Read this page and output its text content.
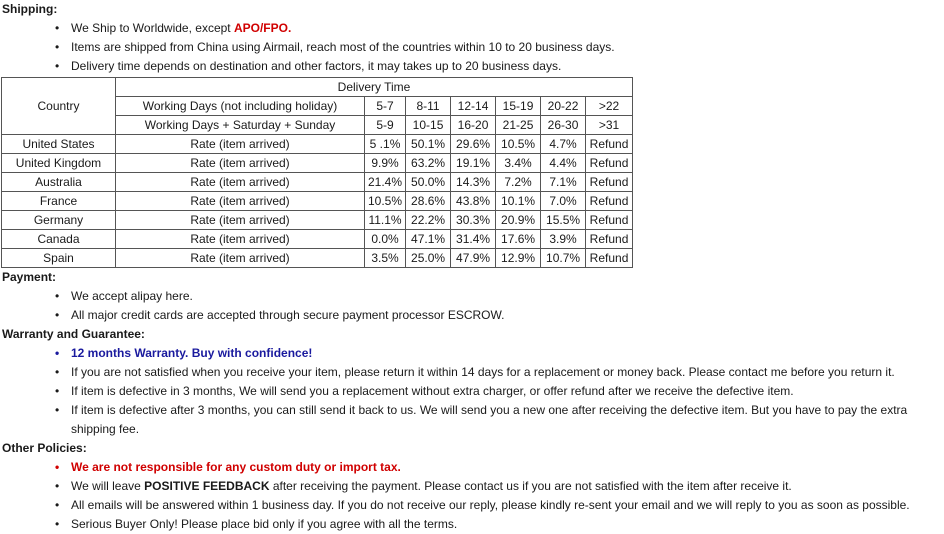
Shipping:
• We Ship to Worldwide, except APO/FPO.
• Items are shipped from China using Airmail, reach most of the countries within 10 to 20 business days.
• Delivery time depends on destination and other factors, it may takes up to 20 business days.
Country	Delivery Time						
	Working Days (not including holiday)	5-7	8-11	12-14	15-19	20-22	>22
	Working Days + Saturday + Sunday	5-9	10-15	16-20	21-25	26-30	>31
United States	Rate (item arrived)	5 .1%	50.1%	29.6%	10.5%	4.7%	Refund
United Kingdom	Rate (item arrived)	9.9%	63.2%	19.1%	3.4%	4.4%	Refund
Australia	Rate (item arrived)	21.4%	50.0%	14.3%	7.2%	7.1%	Refund
France	Rate (item arrived)	10.5%	28.6%	43.8%	10.1%	7.0%	Refund
Germany	Rate (item arrived)	11.1%	22.2%	30.3%	20.9%	15.5%	Refund
Canada	Rate (item arrived)	0.0%	47.1%	31.4%	17.6%	3.9%	Refund
Spain	Rate (item arrived)	3.5%	25.0%	47.9%	12.9%	10.7%	Refund
Payment:
• We accept alipay here.
• All major credit cards are accepted through secure payment processor ESCROW.
Warranty and Guarantee:
• 12 months Warranty. Buy with confidence!
• If you are not satisfied when you receive your item, please return it within 14 days for a replacement or money back. Please contact me before you return it.
• If item is defective in 3 months, We will send you a replacement without extra charger, or offer refund after we receive the defective item.
• If item is defective after 3 months, you can still send it back to us. We will send you a new one after receiving the defective item. But you have to pay the extra shipping fee.
Other Policies:
• We are not responsible for any custom duty or import tax.
• We will leave POSITIVE FEEDBACK after receiving the payment. Please contact us if you are not satisfied with the item after receive it.
• All emails will be answered within 1 business day. If you do not receive our reply, please kindly re-sent your email and we will reply to you as soon as possible.
• Serious Buyer Only! Please place bid only if you agree with all the terms.
